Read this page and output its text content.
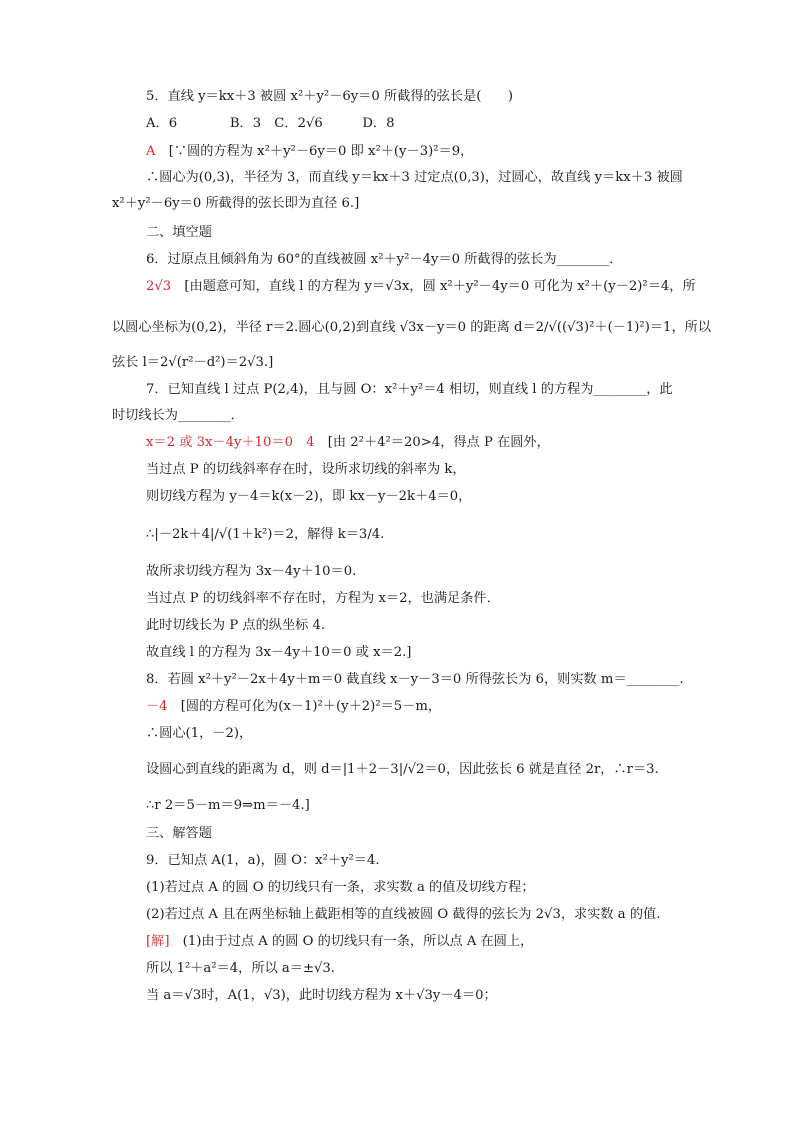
5．直线 y＝kx＋3 被圆 x²＋y²－6y＝0 所截得的弦长是(　　)
A．6　　　　B．3　C．2√6　　　D．8
A　[∵圆的方程为 x²＋y²－6y＝0 即 x²＋(y－3)²＝9，
∴圆心为(0,3)，半径为 3，而直线 y＝kx＋3 过定点(0,3)，过圆心，故直线 y＝kx＋3 被圆
x²＋y²－6y＝0 所截得的弦长即为直径 6.]
二、填空题
6．过原点且倾斜角为 60°的直线被圆 x²＋y²－4y＝0 所截得的弦长为________．
2√3　[由题意可知，直线 l 的方程为 y＝√3x，圆 x²＋y²－4y＝0 可化为 x²＋(y－2)²＝4，所
以圆心坐标为(0,2)，半径 r＝2.圆心(0,2)到直线 √3x－y＝0 的距离 d＝2/√((√3)²＋(－1)²)＝1，所以
弦长 l＝2√(r²－d²)＝2√3.]
7．已知直线 l 过点 P(2,4)，且与圆 O：x²＋y²＝4 相切，则直线 l 的方程为________，此
时切线长为________．
x＝2 或 3x－4y＋10＝0　4　[由 2²＋4²＝20>4，得点 P 在圆外，
当过点 P 的切线斜率存在时，设所求切线的斜率为 k，
则切线方程为 y－4＝k(x－2)，即 kx－y－2k＋4＝0，
∴|－2k＋4|/√(1＋k²)＝2，解得 k＝3/4.
故所求切线方程为 3x－4y＋10＝0.
当过点 P 的切线斜率不存在时，方程为 x＝2，也满足条件．
此时切线长为 P 点的纵坐标 4.
故直线 l 的方程为 3x－4y＋10＝0 或 x＝2.]
8．若圆 x²＋y²－2x＋4y＋m＝0 截直线 x－y－3＝0 所得弦长为 6，则实数 m＝________.
－4　[圆的方程可化为(x－1)²＋(y＋2)²＝5－m，
∴圆心(1，－2)，
设圆心到直线的距离为 d，则 d＝|1＋2－3|/√2＝0，因此弦长 6 就是直径 2r，∴r＝3.
∴r 2＝5－m＝9⇒m＝－4.]
三、解答题
9．已知点 A(1，a)，圆 O：x²＋y²＝4.
(1)若过点 A 的圆 O 的切线只有一条，求实数 a 的值及切线方程；
(2)若过点 A 且在两坐标轴上截距相等的直线被圆 O 截得的弦长为 2√3，求实数 a 的值.
[解]　(1)由于过点 A 的圆 O 的切线只有一条，所以点 A 在圆上，
所以 1²＋a²＝4，所以 a＝±√3.
当 a＝√3时，A(1，√3)，此时切线方程为 x＋√3y－4＝0；
